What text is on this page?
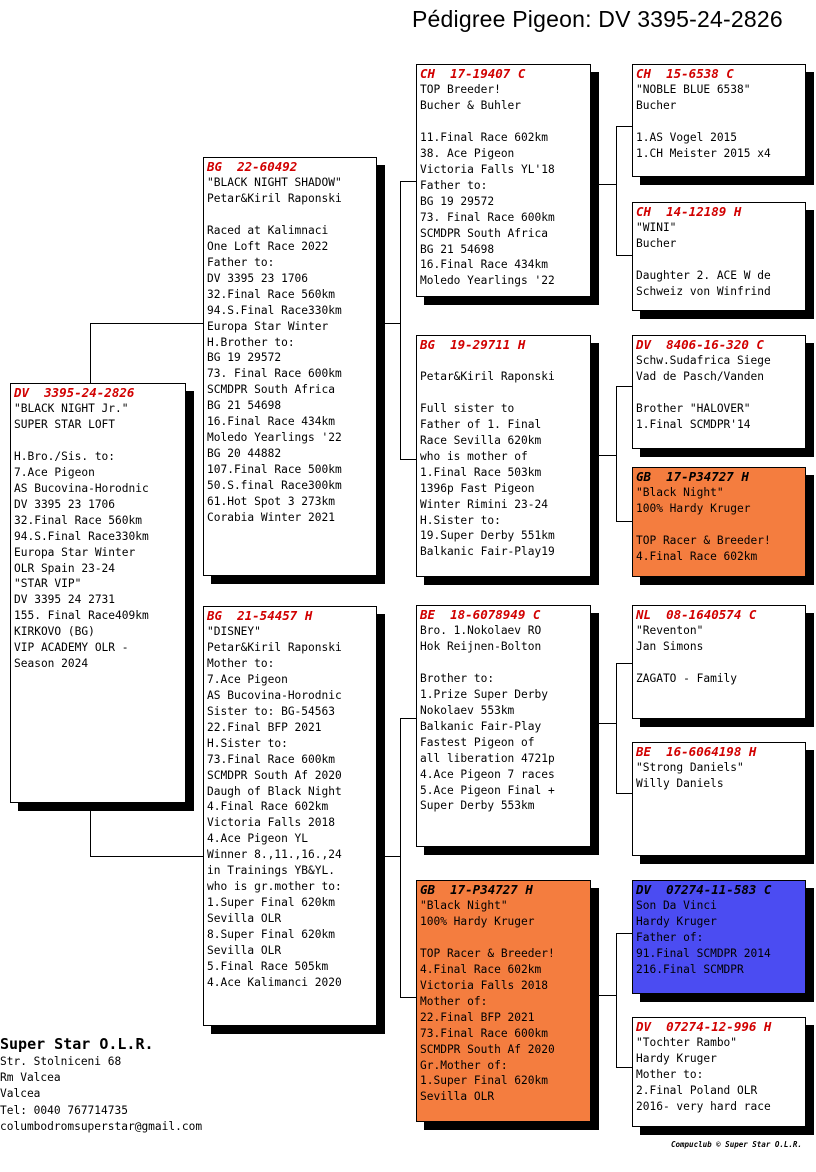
Pédigree Pigeon: DV 3395-24-2826
DV  3395-24-2826
"BLACK NIGHT Jr."
SUPER STAR LOFT

H.Bro./Sis. to:
7.Ace Pigeon
AS Bucovina-Horodnic
DV 3395 23 1706
32.Final Race 560km
94.S.Final Race330km
Europa Star Winter
OLR Spain 23-24
"STAR VIP"
DV 3395 24 2731
155. Final Race409km
KIRKOVO (BG)
VIP ACADEMY OLR -
Season 2024
BG  22-60492
"BLACK NIGHT SHADOW"
Petar&Kiril Raponski

Raced at Kalimnaci
One Loft Race 2022
Father to:
DV 3395 23 1706
32.Final Race 560km
94.S.Final Race330km
Europa Star Winter
H.Brother to:
BG 19 29572
73. Final Race 600km
SCMDPR South Africa
BG 21 54698
16.Final Race 434km
Moledo Yearlings '22
BG 20 44882
107.Final Race 500km
50.S.final Race300km
61.Hot Spot 3 273km
Corabia Winter 2021
BG  21-54457 H
"DISNEY"
Petar&Kiril Raponski
Mother to:
7.Ace Pigeon
AS Bucovina-Horodnic
Sister to: BG-54563
22.Final BFP 2021
H.Sister to:
73.Final Race 600km
SCMDPR South Af 2020
Daugh of Black Night
4.Final Race 602km
Victoria Falls 2018
4.Ace Pigeon YL
Winner 8.,11.,16.,24
in Trainings YB&YL.
who is gr.mother to:
1.Super Final 620km
Sevilla OLR
8.Super Final 620km
Sevilla OLR
5.Final Race 505km
4.Ace Kalimanci 2020
CH  17-19407 C
TOP Breeder!
Bucher & Buhler

11.Final Race 602km
38. Ace Pigeon
Victoria Falls YL'18
Father to:
BG 19 29572
73. Final Race 600km
SCMDPR South Africa
BG 21 54698
16.Final Race 434km
Moledo Yearlings '22
BG  19-29711 H

Petar&Kiril Raponski

Full sister to
Father of 1. Final
Race Sevilla 620km
who is mother of
1.Final Race 503km
1396p Fast Pigeon
Winter Rimini 23-24
H.Sister to:
19.Super Derby 551km
Balkanic Fair-Play19
BE  18-6078949 C
Bro. 1.Nokolaev RO
Hok Reijnen-Bolton

Brother to:
1.Prize Super Derby
Nokolaev 553km
Balkanic Fair-Play
Fastest Pigeon of
all liberation 4721p
4.Ace Pigeon 7 races
5.Ace Pigeon Final +
Super Derby 553km
GB  17-P34727 H
"Black Night"
100% Hardy Kruger

TOP Racer & Breeder!
4.Final Race 602km
Victoria Falls 2018
Mother of:
22.Final BFP 2021
73.Final Race 600km
SCMDPR South Af 2020
Gr.Mother of:
1.Super Final 620km
Sevilla OLR
CH  15-6538 C
"NOBLE BLUE 6538"
Bucher

1.AS Vogel 2015
1.CH Meister 2015 x4
CH  14-12189 H
"WINI"
Bucher

Daughter 2. ACE W de
Schweiz von Winfrind
DV  8406-16-320 C
Schw.Sudafrica Siege
Vad de Pasch/Vanden

Brother "HALOVER"
1.Final SCMDPR'14
GB  17-P34727 H
"Black Night"
100% Hardy Kruger

TOP Racer & Breeder!
4.Final Race 602km
NL  08-1640574 C
"Reventon"
Jan Simons

ZAGATO - Family
BE  16-6064198 H
"Strong Daniels"
Willy Daniels
DV  07274-11-583 C
Son Da Vinci
Hardy Kruger
Father of:
91.Final SCMDPR 2014
216.Final SCMDPR
DV  07274-12-996 H
"Tochter Rambo"
Hardy Kruger
Mother to:
2.Final Poland OLR
2016- very hard race
Super Star O.L.R.
Str. Stolniceni 68
Rm Valcea
Valcea
Tel: 0040 767714735
columbodromsuperstar@gmail.com
Compuclub © Super Star O.L.R.
